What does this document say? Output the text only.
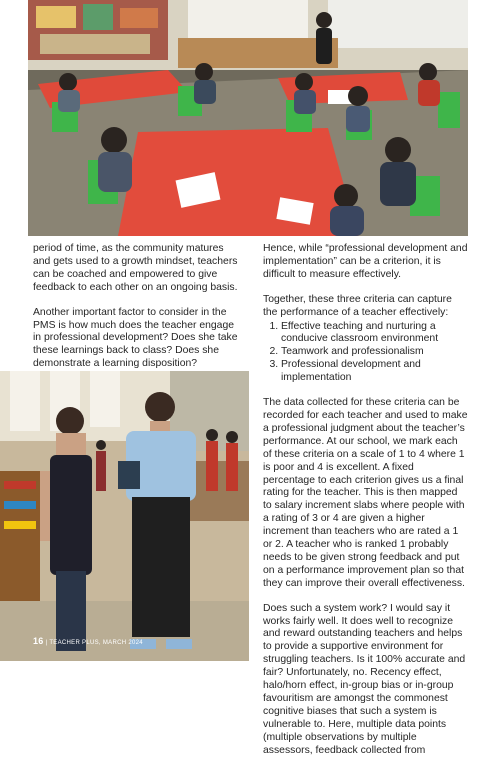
period of time, as the community matures and gets used to a growth mindset, teachers can be coached and empowered to give feedback to each other on an ongoing basis.

Another important factor to consider in the PMS is how much does the teacher engage in professional development? Does she take these learnings back to class? Does she demonstrate a learning disposition?

Hence, while “professional development and implementation” can be a criterion, it is difficult to measure effectively.

Together, these three criteria can capture the performance of a teacher effectively:

1. Effective teaching and nurturing a conducive classroom environment
2. Teamwork and professionalism
3. Professional development and implementation

The data collected for these criteria can be recorded for each teacher and used to make a professional judgment about the teacher’s performance. At our school, we mark each of these criteria on a scale of 1 to 4 where 1 is poor and 4 is excellent. A fixed percentage to each criterion gives us a final rating for the teacher. This is then mapped to salary increment slabs where people with a rating of 3 or 4 are given a higher increment than teachers who are rated a 1 or 2. A teacher who is ranked 1 probably needs to be given strong feedback and put on a performance improvement plan so that they can improve their overall effectiveness.

Does such a system work? I would say it works fairly well. It does well to recognize and reward outstanding teachers and helps to provide a supportive environment for struggling teachers. Is it 100% accurate and fair? Unfortunately, no. Recency effect, halo/horn effect, in-group bias or in-group favouritism are amongst the commonest cognitive biases that such a system is vulnerable to. Here, multiple data points (multiple observations by multiple assessors, feedback collected from

16 | TEACHER PLUS, MARCH 2024
